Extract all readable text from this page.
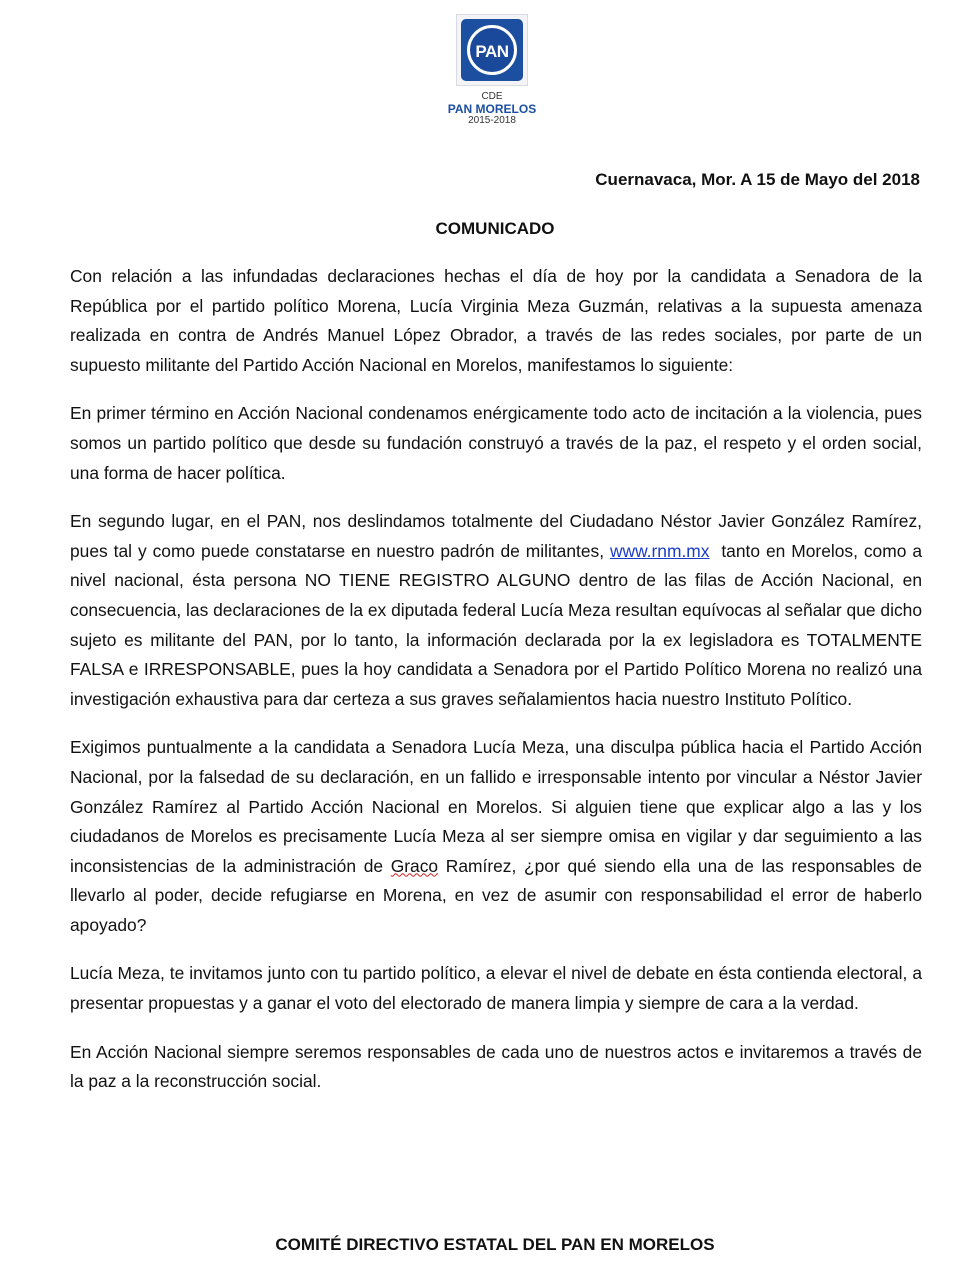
PAN
CDE
PAN MORELOS
2015-2018
Cuernavaca, Mor. A 15 de Mayo del 2018
COMUNICADO

Con relación a las infundadas declaraciones hechas el día de hoy por la candidata a Senadora de la República por el partido político Morena, Lucía Virginia Meza Guzmán, relativas a la supuesta amenaza realizada en contra de Andrés Manuel López Obrador, a través de las redes sociales, por parte de un supuesto militante del Partido Acción Nacional en Morelos, manifestamos lo siguiente:

En primer término en Acción Nacional condenamos enérgicamente todo acto de incitación a la violencia, pues somos un partido político que desde su fundación construyó a través de la paz, el respeto y el orden social, una forma de hacer política.

En segundo lugar, en el PAN, nos deslindamos totalmente del Ciudadano Néstor Javier González Ramírez, pues tal y como puede constatarse en nuestro padrón de militantes, www.rnm.mx  tanto en Morelos, como a nivel nacional, ésta persona NO TIENE REGISTRO ALGUNO dentro de las filas de Acción Nacional, en consecuencia, las declaraciones de la ex diputada federal Lucía Meza resultan equívocas al señalar que dicho sujeto es militante del PAN, por lo tanto, la información declarada por la ex legisladora es TOTALMENTE FALSA e IRRESPONSABLE, pues la hoy candidata a Senadora por el Partido Político Morena no realizó una investigación exhaustiva para dar certeza a sus graves señalamientos hacia nuestro Instituto Político.

Exigimos puntualmente a la candidata a Senadora Lucía Meza, una disculpa pública hacia el Partido Acción Nacional, por la falsedad de su declaración, en un fallido e irresponsable intento por vincular a Néstor Javier González Ramírez al Partido Acción Nacional en Morelos. Si alguien tiene que explicar algo a las y los ciudadanos de Morelos es precisamente Lucía Meza al ser siempre omisa en vigilar y dar seguimiento a las inconsistencias de la administración de Graco Ramírez, ¿por qué siendo ella una de las responsables de llevarlo al poder, decide refugiarse en Morena, en vez de asumir con responsabilidad el error de haberlo apoyado?

Lucía Meza, te invitamos junto con tu partido político, a elevar el nivel de debate en ésta contienda electoral, a presentar propuestas y a ganar el voto del electorado de manera limpia y siempre de cara a la verdad.

En Acción Nacional siempre seremos responsables de cada uno de nuestros actos e invitaremos a través de la paz a la reconstrucción social.

COMITÉ DIRECTIVO ESTATAL DEL PAN EN MORELOS
